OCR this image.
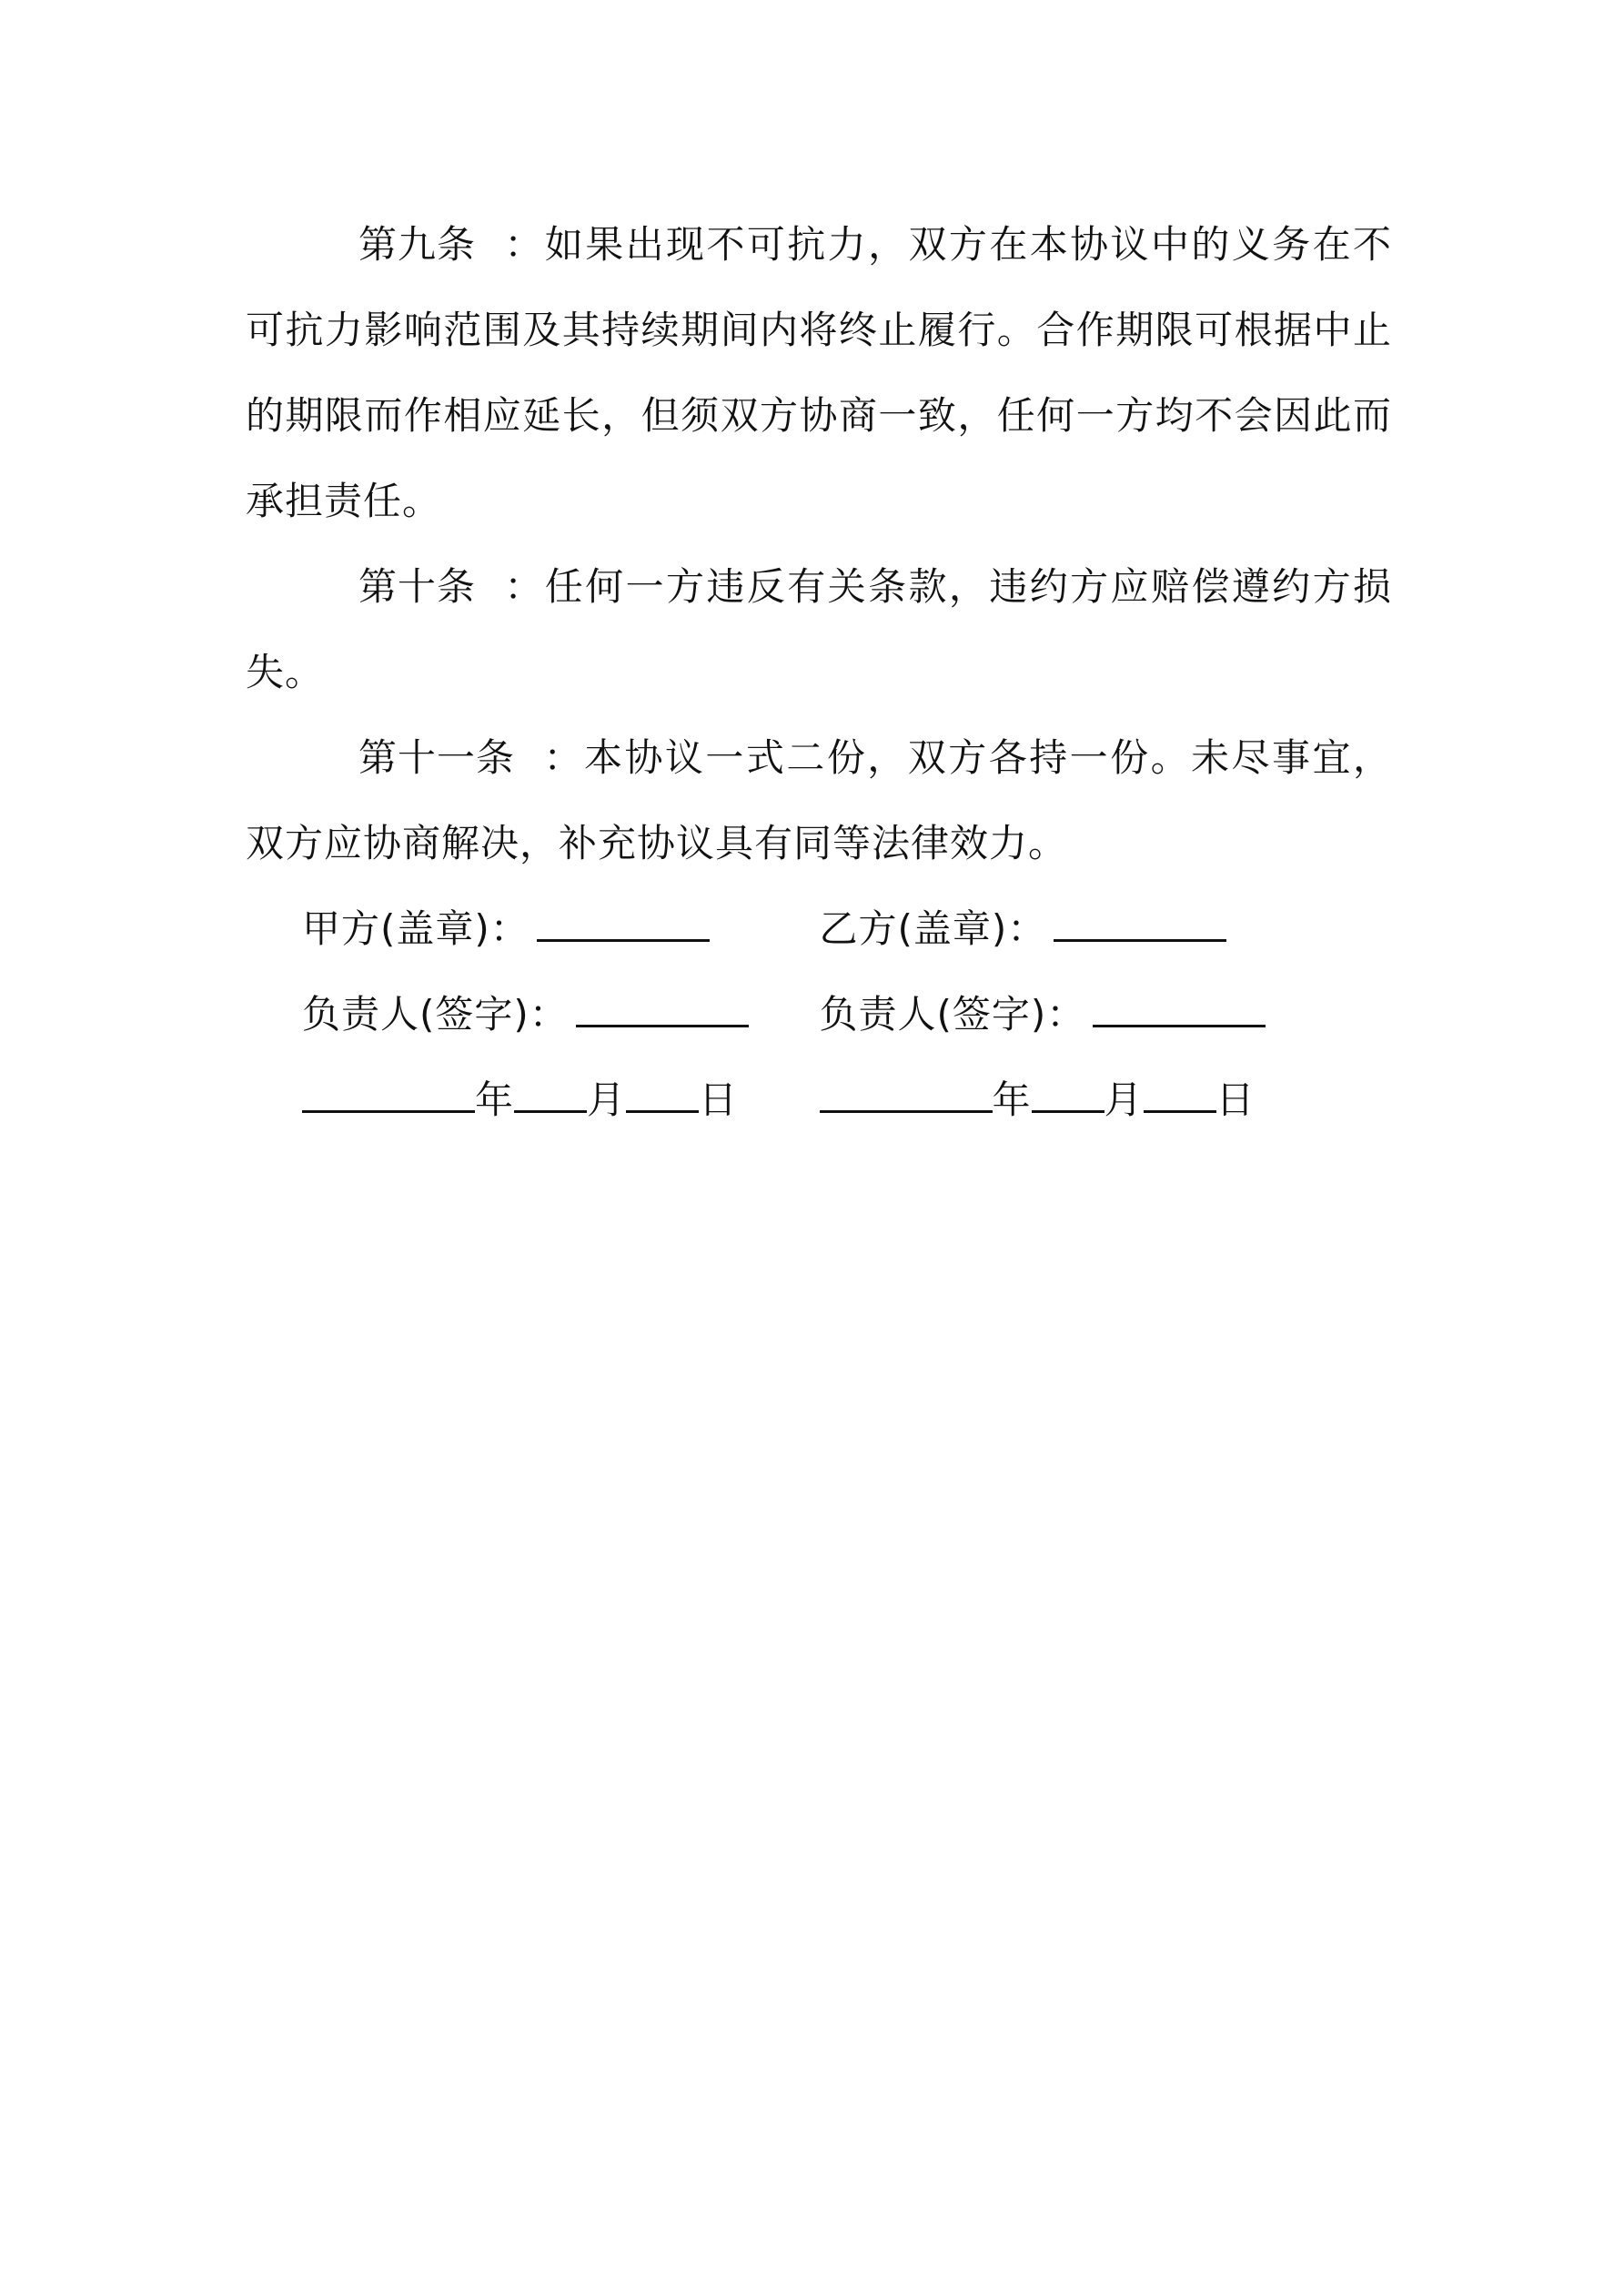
第九条 ：如果出现不可抗力，双方在本协议中的义务在不可抗力影响范围及其持续期间内将终止履行。合作期限可根据中止的期限而作相应延长，但须双方协商一致，任何一方均不会因此而承担责任。

第十条 ：任何一方违反有关条款，违约方应赔偿遵约方损失。

第十一条 ：本协议一式二份，双方各持一份。未尽事宜，双方应协商解决，补充协议具有同等法律效力。

甲方(盖章)：	乙方(盖章)：
负责人(签字)：	负责人(签字)：
年 月 日	年 月 日
